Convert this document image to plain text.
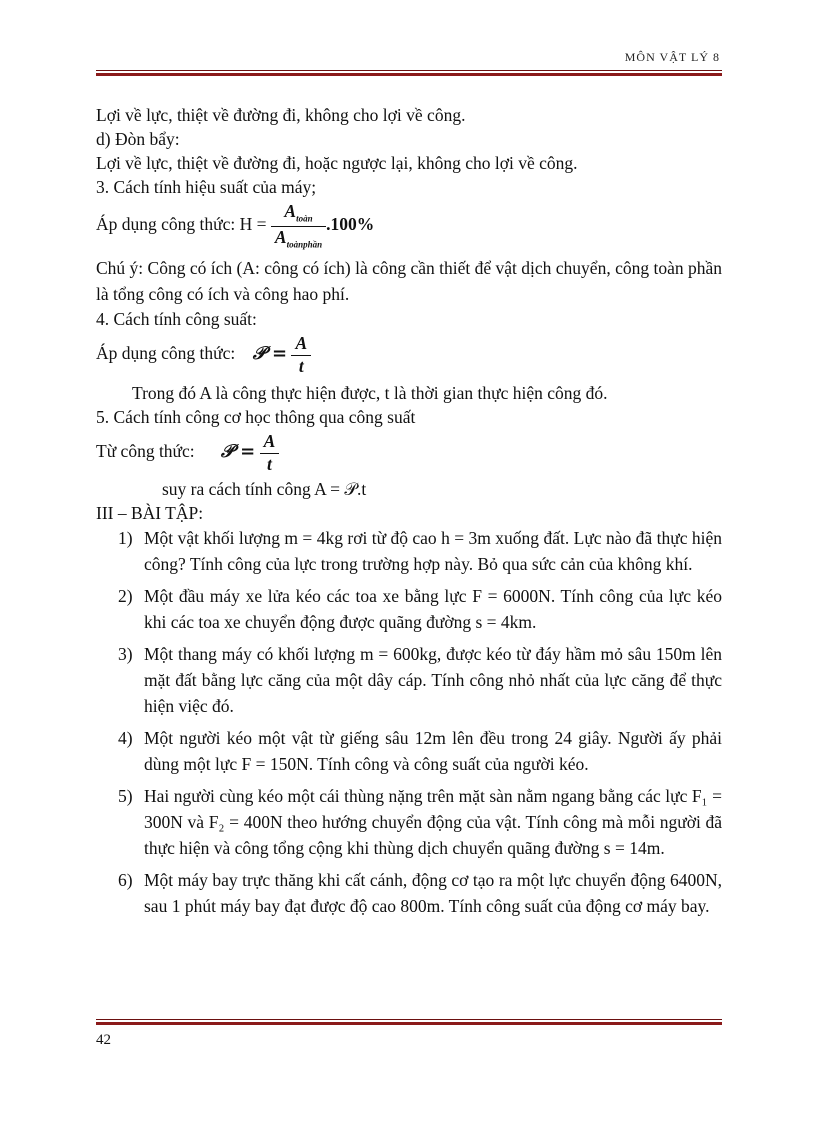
MÔN VẬT LÝ 8

Lợi về lực, thiệt về đường đi, không cho lợi về công.

d) Đòn bẩy:

Lợi về lực, thiệt về đường đi, hoặc ngược lại, không cho lợi về công.

3. Cách tính hiệu suất của máy;

Áp dụng công thức: $H = \frac{A_{toàn}}{A_{toànphần}} .100\%$

Chú ý: Công có ích (A: công có ích) là công cần thiết để vật dịch chuyển, công toàn phần là tổng công có ích và công hao phí.

4. Cách tính công suất:

Áp dụng công thức: 𝒫 = $\frac{A}{t}$

Trong đó A là công thực hiện được, t là thời gian thực hiện công đó.

5. Cách tính công cơ học thông qua công suất

Từ công thức: 𝒫 = $\frac{A}{t}$

suy ra cách tính công A = 𝒫.t

III – BÀI TẬP:

1) Một vật khối lượng m = 4kg rơi từ độ cao h = 3m xuống đất. Lực nào đã thực hiện công? Tính công của lực trong trường hợp này. Bỏ qua sức cản của không khí.
2) Một đầu máy xe lửa kéo các toa xe bằng lực F = 6000N. Tính công của lực kéo khi các toa xe chuyển động được quãng đường s = 4km.
3) Một thang máy có khối lượng m = 600kg, được kéo từ đáy hầm mỏ sâu 150m lên mặt đất bằng lực căng của một dây cáp. Tính công nhỏ nhất của lực căng để thực hiện việc đó.
4) Một người kéo một vật từ giếng sâu 12m lên đều trong 24 giây. Người ấy phải dùng một lực F = 150N. Tính công và công suất của người kéo.
5) Hai người cùng kéo một cái thùng nặng trên mặt sàn nằm ngang bằng các lực F₁ = 300N và F₂ = 400N theo hướng chuyển động của vật. Tính công mà mỗi người đã thực hiện và công tổng cộng khi thùng dịch chuyển quãng đường s = 14m.
6) Một máy bay trực thăng khi cất cánh, động cơ tạo ra một lực chuyển động 6400N, sau 1 phút máy bay đạt được độ cao 800m. Tính công suất của động cơ máy bay.
42
